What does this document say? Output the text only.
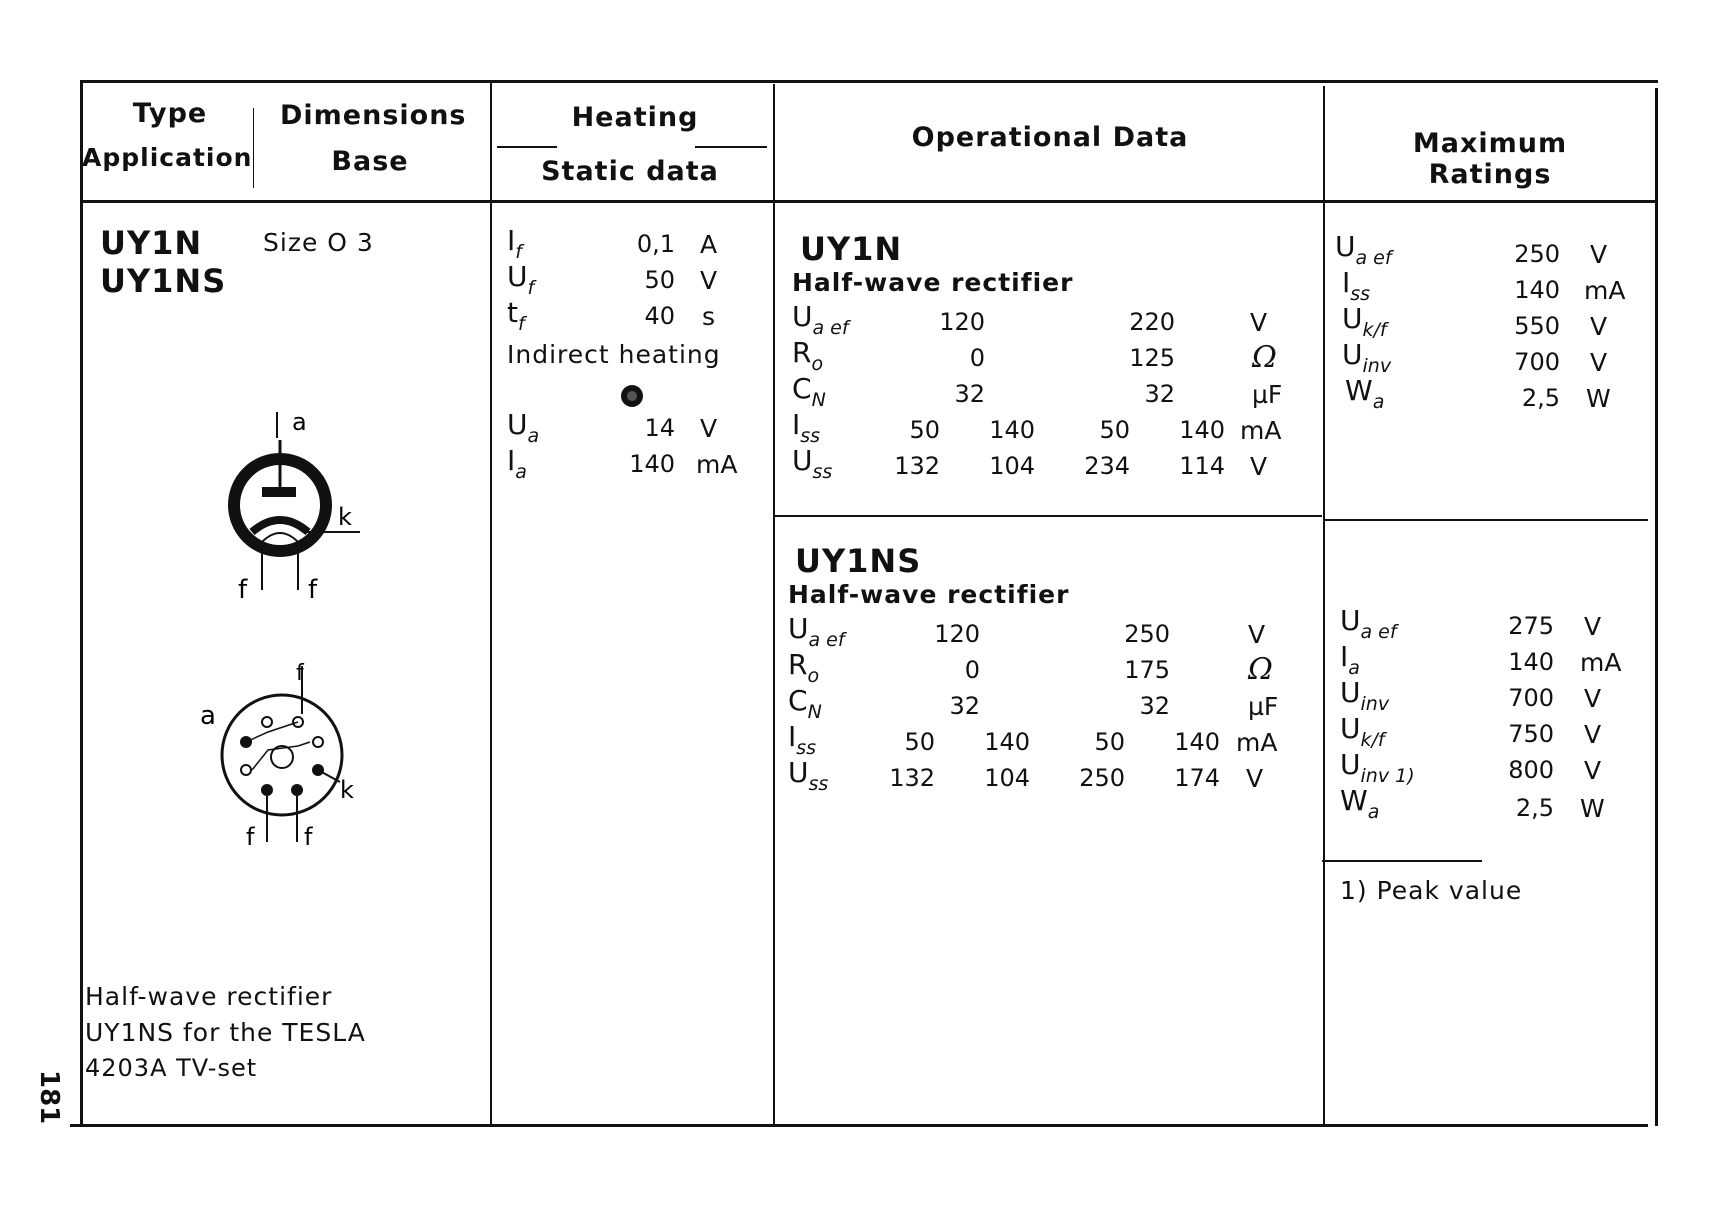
Type
Application
Dimensions
Base
Heating
Static data
Operational Data	Maximum Ratings
UY1N
UY1NS
Size O 3
a
k
f f
f
a
k
f f
Half-wave rectifier
UY1NS for the TESLA
4203A TV-set
$I_f$	0,1 A
$U_f$	50 V
$t_f$	40 s
Indirect heating
$U_a$	14 V
$I_a$	140 mA
UY1N
Half-wave rectifier
$U_{a ef}$	120	220	V
$R_o$	0	125	Ω
$C_N$	32	32	µF
$I_{ss}$	50	140	50	140 mA
$U_{ss}$	132	104	234	114 V
UY1NS
Half-wave rectifier
$U_{a ef}$	120	250	V
$R_o$	0	175	Ω
$C_N$	32	32	µF
$I_{ss}$	50	140	50	140 mA
$U_{ss}$	132	104	250	174 V
$U_{a ef}$	250 V
$I_{ss}$	140 mA
$U_{k/f}$	550 V
$U_{inv}$	700 V
$W_a$	2,5 W
$U_{a ef}$	275 V
$I_a$	140 mA
$U_{inv}$	700 V
$U_{k/f}$	750 V
$U_{inv 1)}$	800 V
$W_a$	2,5 W
1) Peak value
181
